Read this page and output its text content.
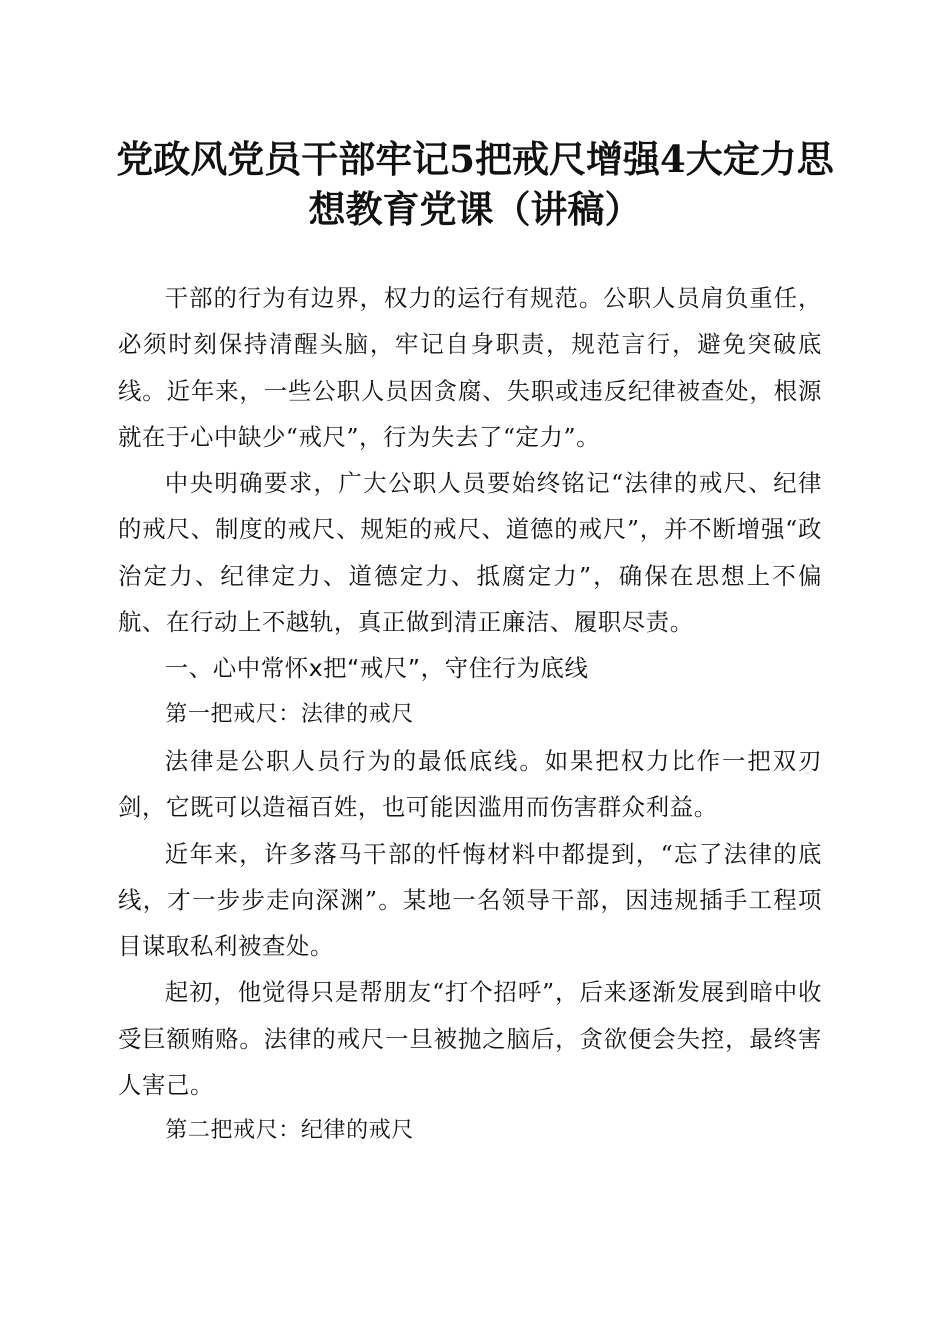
党政风党员干部牢记5把戒尺增强4大定力思想教育党课（讲稿）

干部的行为有边界，权力的运行有规范。公职人员肩负重任，必须时刻保持清醒头脑，牢记自身职责，规范言行，避免突破底线。近年来，一些公职人员因贪腐、失职或违反纪律被查处，根源就在于心中缺少“戒尺”，行为失去了“定力”。

中央明确要求，广大公职人员要始终铭记“法律的戒尺、纪律的戒尺、制度的戒尺、规矩的戒尺、道德的戒尺”，并不断增强“政治定力、纪律定力、道德定力、抵腐定力”，确保在思想上不偏航、在行动上不越轨，真正做到清正廉洁、履职尽责。

一、心中常怀x把“戒尺”，守住行为底线

第一把戒尺：法律的戒尺

法律是公职人员行为的最低底线。如果把权力比作一把双刃剑，它既可以造福百姓，也可能因滥用而伤害群众利益。

近年来，许多落马干部的忏悔材料中都提到，“忘了法律的底线，才一步步走向深渊”。某地一名领导干部，因违规插手工程项目谋取私利被查处。

起初，他觉得只是帮朋友“打个招呼”，后来逐渐发展到暗中收受巨额贿赂。法律的戒尺一旦被抛之脑后，贪欲便会失控，最终害人害己。

第二把戒尺：纪律的戒尺
